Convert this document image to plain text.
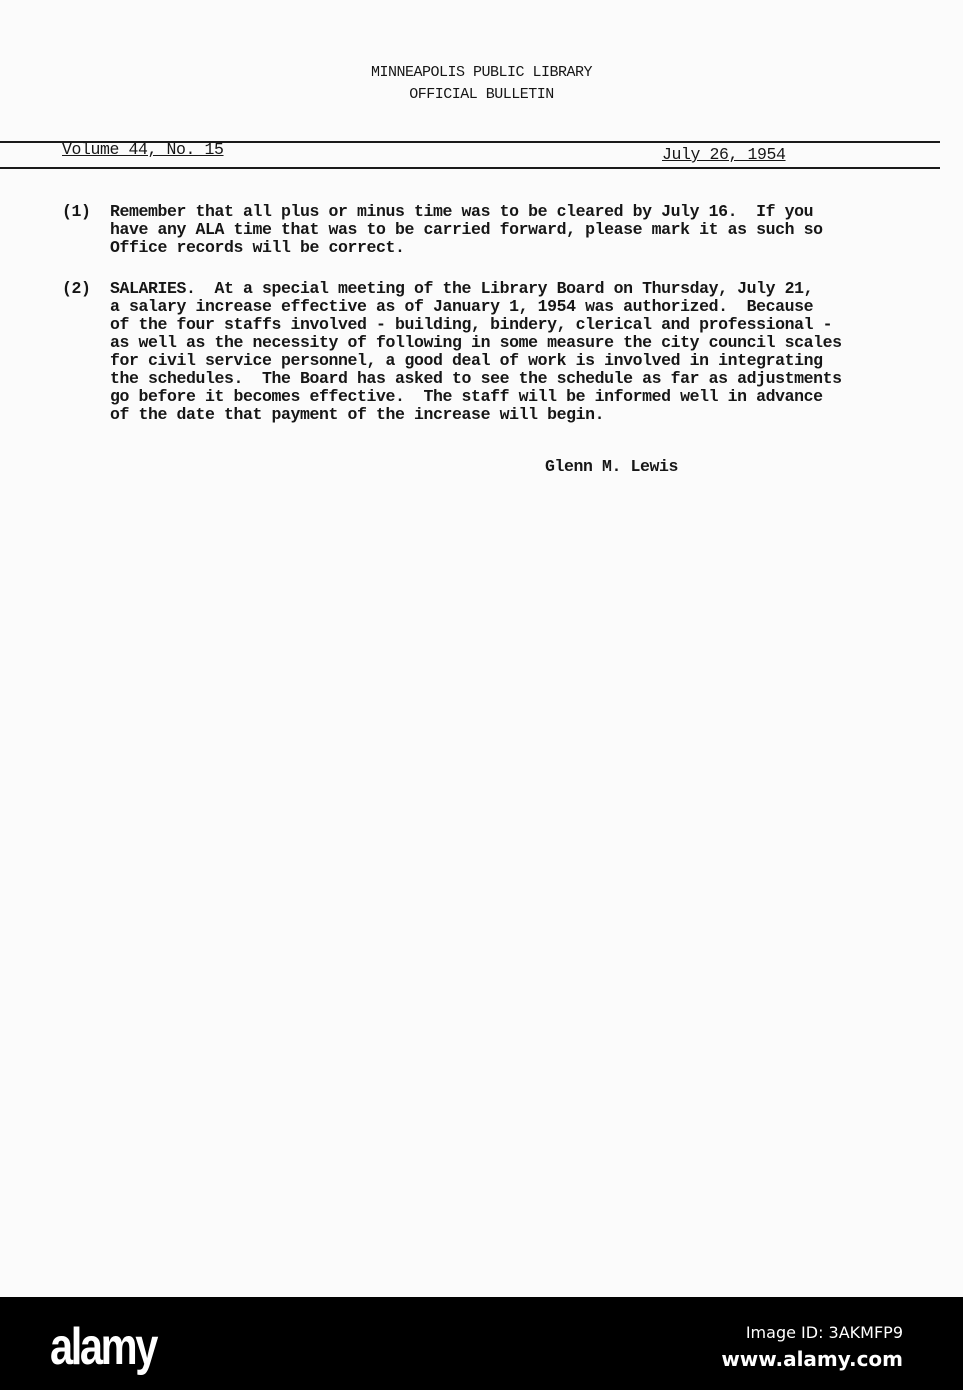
MINNEAPOLIS PUBLIC LIBRARY
OFFICIAL BULLETIN
Volume 44, No. 15	July 26, 1954
(1) Remember that all plus or minus time was to be cleared by July 16.  If you
have any ALA time that was to be carried forward, please mark it as such so
Office records will be correct.
(2) SALARIES.  At a special meeting of the Library Board on Thursday, July 21,
a salary increase effective as of January 1, 1954 was authorized.  Because
of the four staffs involved - building, bindery, clerical and professional -
as well as the necessity of following in some measure the city council scales
for civil service personnel, a good deal of work is involved in integrating
the schedules.  The Board has asked to see the schedule as far as adjustments
go before it becomes effective.  The staff will be informed well in advance
of the date that payment of the increase will begin.
Glenn M. Lewis
alamy	Image ID: 3AKMFP9
www.alamy.com
